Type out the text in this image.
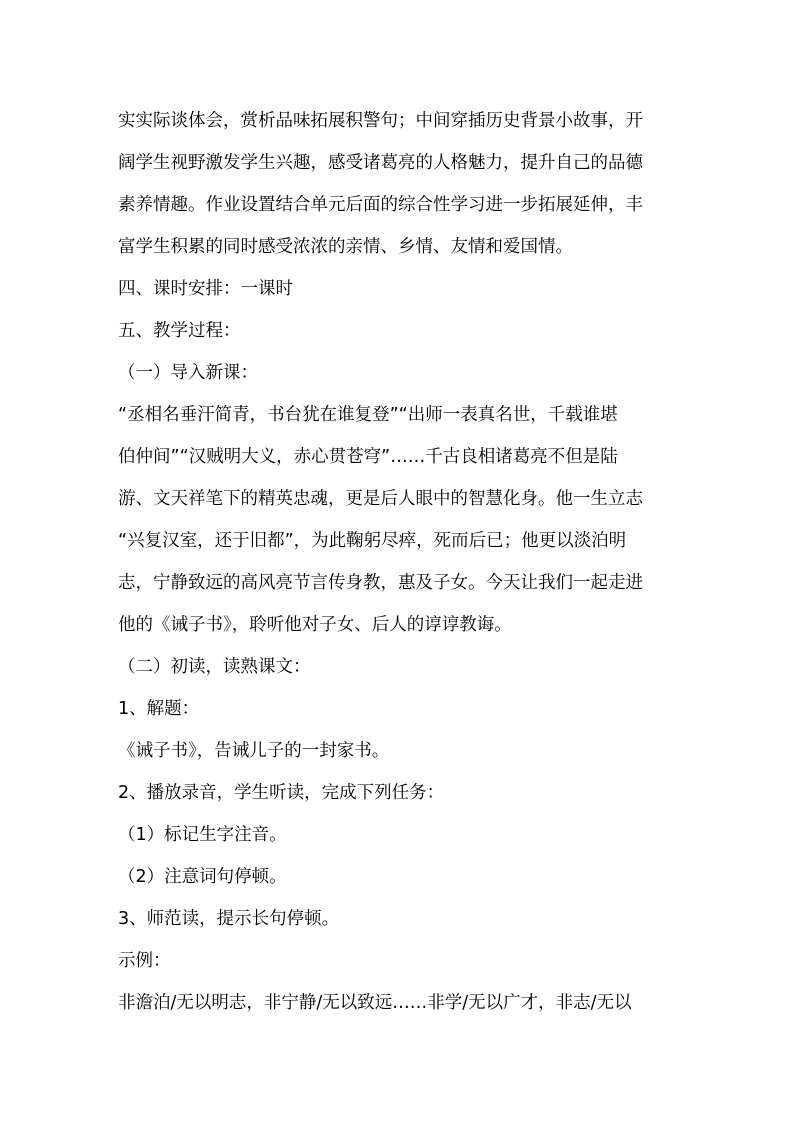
实实际谈体会，赏析品味拓展积警句；中间穿插历史背景小故事，开
阔学生视野激发学生兴趣，感受诸葛亮的人格魅力，提升自己的品德
素养情趣。作业设置结合单元后面的综合性学习进一步拓展延伸，丰
富学生积累的同时感受浓浓的亲情、乡情、友情和爱国情。
四、课时安排：一课时
五、教学过程：
（一）导入新课：
“丞相名垂汗简青，书台犹在谁复登”“出师一表真名世，千载谁堪
伯仲间”“汉贼明大义，赤心贯苍穹”……千古良相诸葛亮不但是陆
游、文天祥笔下的精英忠魂，更是后人眼中的智慧化身。他一生立志
“兴复汉室，还于旧都”，为此鞠躬尽瘁，死而后已；他更以淡泊明
志，宁静致远的高风亮节言传身教，惠及子女。今天让我们一起走进
他的《诫子书》，聆听他对子女、后人的谆谆教诲。
（二）初读，读熟课文：
1、解题：
《诫子书》，告诫儿子的一封家书。
2、播放录音，学生听读，完成下列任务：
（1）标记生字注音。
（2）注意词句停顿。
3、师范读，提示长句停顿。
示例：
非澹泊/无以明志，非宁静/无以致远……非学/无以广才，非志/无以
